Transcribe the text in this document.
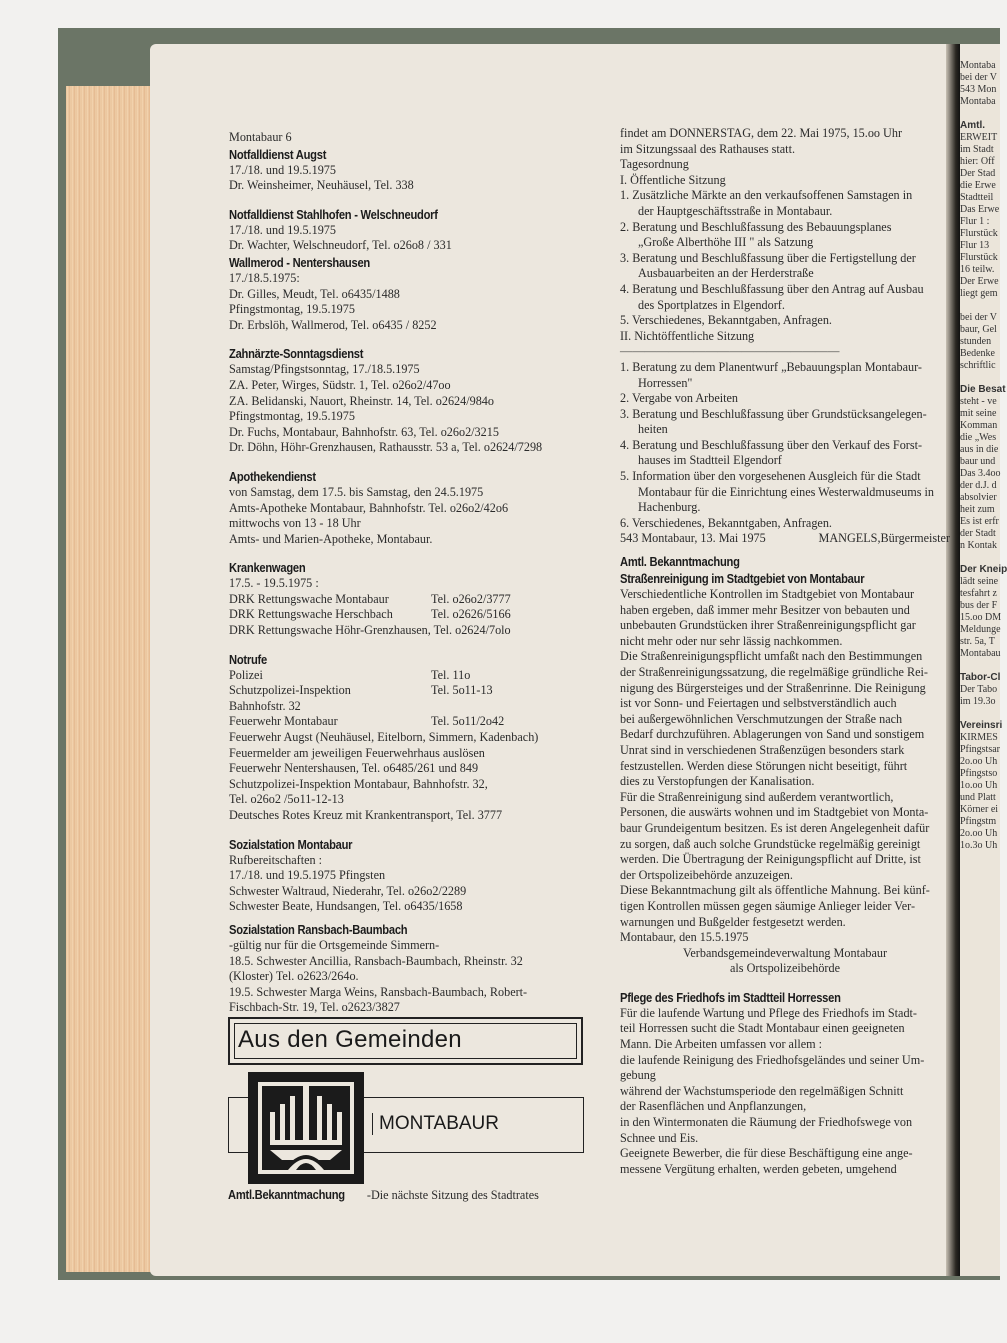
Montaba
bei der V
543 Mon
Montaba

Amtl.
ERWEIT
im Stadt
hier: Off
Der Stad
die Erwe
Stadtteil
Das Erwe
Flur 1 :
Flurstück
Flur 13
Flurstück
16 teilw.
Der Erwe
liegt gem

bei der V
baur, Gel
stunden
Bedenke
schriftlic

Die Besat
steht - ve
mit seine
Komman
die „Wes
aus in die
baur und
Das 3.4oo
der d.J. d
absolvier
heit zum
Es ist erfr
der Stadt
n Kontak

Der Kneip
lädt seine
tesfahrt z
bus der F
15.oo DM
Meldunge
str. 5a, T
Montabau

Tabor-Cl
Der Tabo
im 19.3o

Vereinsri
KIRMES
Pfingstsar
2o.oo Uh
Pfingstso
1o.oo Uh
und Platt
Körner ei
Pfingstm
2o.oo Uh
1o.3o Uh
Montabaur 6
Notfalldienst Augst
17./18. und 19.5.1975
Dr. Weinsheimer, Neuhäusel, Tel. 338
Notfalldienst Stahlhofen - Welschneudorf
17./18. und 19.5.1975
Dr. Wachter, Welschneudorf, Tel. o26o8 / 331
Wallmerod - Nentershausen
17./18.5.1975:
Dr. Gilles, Meudt, Tel. o6435/1488
Pfingstmontag, 19.5.1975
Dr. Erbslöh, Wallmerod, Tel. o6435 / 8252
Zahnärzte-Sonntagsdienst
Samstag/Pfingstsonntag, 17./18.5.1975
ZA. Peter, Wirges, Südstr. 1, Tel. o26o2/47oo
ZA. Belidanski, Nauort, Rheinstr. 14, Tel. o2624/984o
Pfingstmontag, 19.5.1975
Dr. Fuchs, Montabaur, Bahnhofstr. 63, Tel. o26o2/3215
Dr. Döhn, Höhr-Grenzhausen, Rathausstr. 53 a, Tel. o2624/7298
Apothekendienst
von Samstag, dem 17.5. bis Samstag, den 24.5.1975
Amts-Apotheke Montabaur, Bahnhofstr. Tel. o26o2/42o6
mittwochs von 13 - 18 Uhr
Amts- und Marien-Apotheke, Montabaur.
Krankenwagen
17.5. - 19.5.1975 :
DRK Rettungswache Montabaur	Tel. o26o2/3777
DRK Rettungswache Herschbach	Tel. o2626/5166
DRK Rettungswache Höhr-Grenzhausen, Tel. o2624/7olo
Notrufe
Polizei	Tel. 11o
Schutzpolizei-Inspektion	Tel. 5o11-13
Bahnhofstr. 32
Feuerwehr Montabaur	Tel. 5o11/2o42
Feuerwehr Augst (Neuhäusel, Eitelborn, Simmern, Kadenbach)
Feuermelder am jeweiligen Feuerwehrhaus auslösen
Feuerwehr Nentershausen, Tel. o6485/261 und 849
Schutzpolizei-Inspektion Montabaur, Bahnhofstr. 32,
Tel. o26o2 /5o11-12-13
Deutsches Rotes Kreuz mit Krankentransport, Tel. 3777
Sozialstation Montabaur
Rufbereitschaften :
17./18. und 19.5.1975 Pfingsten
Schwester Waltraud, Niederahr, Tel. o26o2/2289
Schwester Beate, Hundsangen, Tel. o6435/1658
Sozialstation Ransbach-Baumbach
-gültig nur für die Ortsgemeinde Simmern-
18.5. Schwester Ancillia, Ransbach-Baumbach, Rheinstr. 32
(Kloster) Tel. o2623/264o.
19.5. Schwester Marga Weins, Ransbach-Baumbach, Robert-
Fischbach-Str. 19, Tel. o2623/3827
Aus den Gemeinden
MONTABAUR
Amtl.Bekanntmachung -Die nächste Sitzung des Stadtrates
findet am DONNERSTAG, dem 22. Mai 1975, 15.oo Uhr
im Sitzungssaal des Rathauses statt.
Tagesordnung
I. Öffentliche Sitzung
1. Zusätzliche Märkte an den verkaufsoffenen Samstagen in
der Hauptgeschäftsstraße in Montabaur.
2. Beratung und Beschlußfassung des Bebauungsplanes
„Große Alberthöhe III " als Satzung
3. Beratung und Beschlußfassung über die Fertigstellung der
Ausbauarbeiten an der Herderstraße
4. Beratung und Beschlußfassung über den Antrag auf Ausbau
des Sportplatzes in Elgendorf.
5. Verschiedenes, Bekanntgaben, Anfragen.
II. Nichtöffentliche Sitzung
——————————————————
1. Beratung zu dem Planentwurf „Bebauungsplan Montabaur-
Horressen"
2. Vergabe von Arbeiten
3. Beratung und Beschlußfassung über Grundstücksangelegen-
heiten
4. Beratung und Beschlußfassung über den Verkauf des Forst-
hauses im Stadtteil Elgendorf
5. Information über den vorgesehenen Ausgleich für die Stadt
Montabaur für die Einrichtung eines Westerwaldmuseums in
Hachenburg.
6. Verschiedenes, Bekanntgaben, Anfragen.
543 Montabaur, 13. Mai 1975	MANGELS,Bürgermeister
Amtl. Bekanntmachung
Straßenreinigung im Stadtgebiet von Montabaur
Verschiedentliche Kontrollen im Stadtgebiet von Montabaur
haben ergeben, daß immer mehr Besitzer von bebauten und
unbebauten Grundstücken ihrer Straßenreinigungspflicht gar
nicht mehr oder nur sehr lässig nachkommen.
Die Straßenreinigungspflicht umfaßt nach den Bestimmungen
der Straßenreinigungssatzung, die regelmäßige gründliche Rei-
nigung des Bürgersteiges und der Straßenrinne. Die Reinigung
ist vor Sonn- und Feiertagen und selbstverständlich auch
bei außergewöhnlichen Verschmutzungen der Straße nach
Bedarf durchzuführen. Ablagerungen von Sand und sonstigem
Unrat sind in verschiedenen Straßenzügen besonders stark
festzustellen. Werden diese Störungen nicht beseitigt, führt
dies zu Verstopfungen der Kanalisation.
Für die Straßenreinigung sind außerdem verantwortlich,
Personen, die auswärts wohnen und im Stadtgebiet von Monta-
baur Grundeigentum besitzen. Es ist deren Angelegenheit dafür
zu sorgen, daß auch solche Grundstücke regelmäßig gereinigt
werden. Die Übertragung der Reinigungspflicht auf Dritte, ist
der Ortspolizeibehörde anzuzeigen.
Diese Bekanntmachung gilt als öffentliche Mahnung. Bei künf-
tigen Kontrollen müssen gegen säumige Anlieger leider Ver-
warnungen und Bußgelder festgesetzt werden.
Montabaur, den 15.5.1975
Verbandsgemeindeverwaltung Montabaur
als Ortspolizeibehörde
Pflege des Friedhofs im Stadtteil Horressen
Für die laufende Wartung und Pflege des Friedhofs im Stadt-
teil Horressen sucht die Stadt Montabaur einen geeigneten
Mann. Die Arbeiten umfassen vor allem :
die laufende Reinigung des Friedhofsgeländes und seiner Um-
gebung
während der Wachstumsperiode den regelmäßigen Schnitt
der Rasenflächen und Anpflanzungen,
in den Wintermonaten die Räumung der Friedhofswege von
Schnee und Eis.
Geeignete Bewerber, die für diese Beschäftigung eine ange-
messene Vergütung erhalten, werden gebeten, umgehend
